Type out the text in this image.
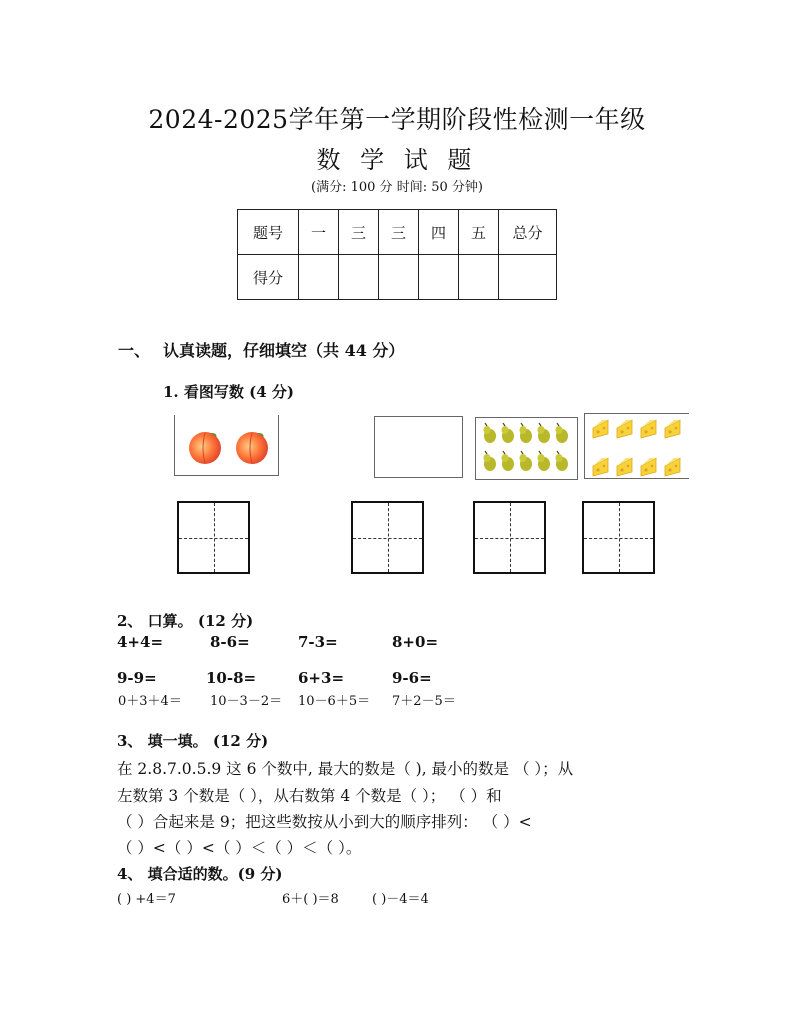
2024-2025学年第一学期阶段性检测一年级
数 学 试 题
(满分: 100 分 时间: 50 分钟)
题号	一	三	三	四	五	总分
得分						
一、 认真读题，仔细填空（共 44 分）
1. 看图写数 (4 分)
2、 口算。 (12 分)
4+4=	8-6=	7-3=	8+0=
9-9=	10-8=	6+3=	9-6=
0＋3＋4＝ 10－3－2＝ 10－6＋5＝ 7＋2－5＝
3、 填一填。 (12 分)
在 2.8.7.0.5.9 这 6 个数中, 最大的数是（ ), 最小的数是 （ ）；从
左数第 3 个数是（ ），从右数第 4 个数是（ ）； （ ）和
（ ）合起来是 9；把这些数按从小到大的顺序排列： （ ）<
（ ）<（ ）<（ ）＜（ ）＜（ ）。
4、 填合适的数。(9 分)
( ) +4＝7	6＋( )＝8	( )－4＝4
